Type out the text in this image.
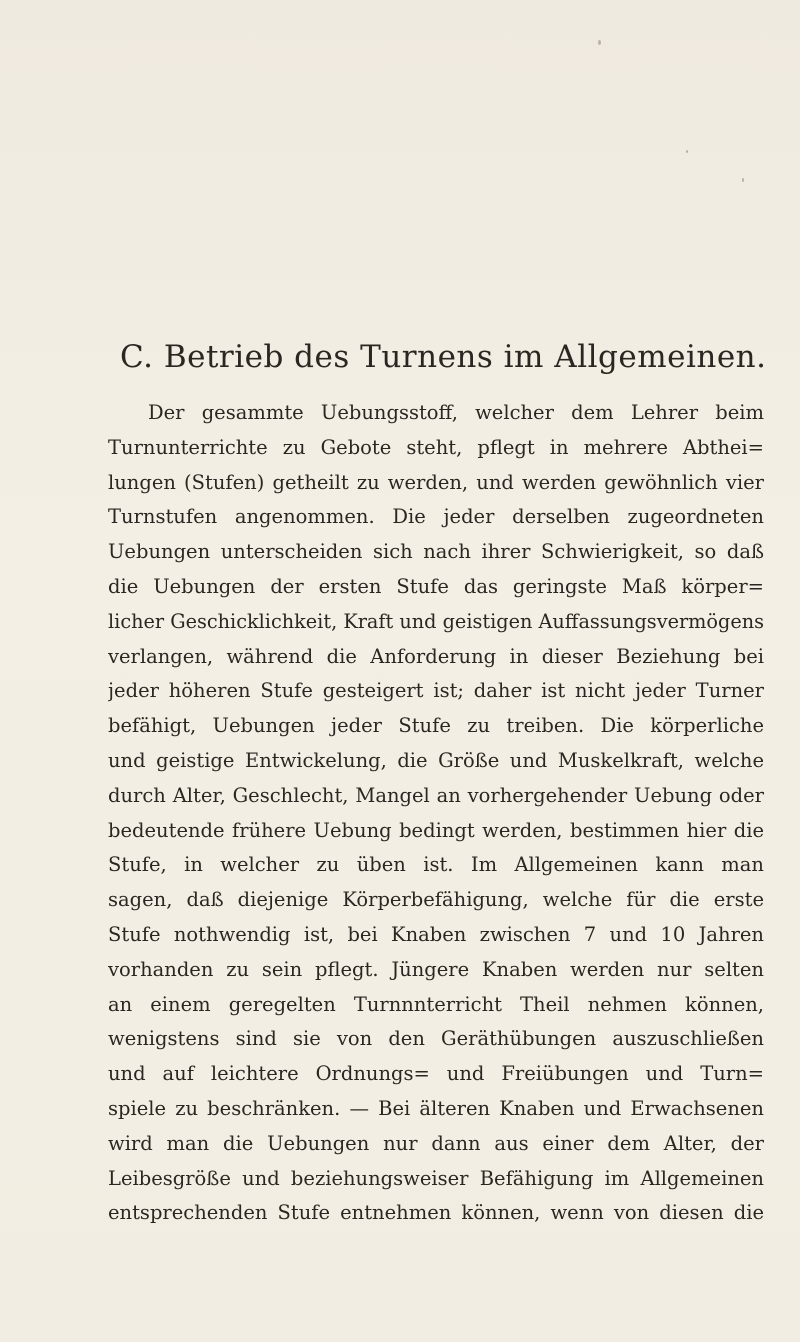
C. Betrieb des Turnens im Allgemeinen.
Der gesammte Uebungsstoff, welcher dem Lehrer beim
Turnunterrichte zu Gebote steht, pflegt in mehrere Abthei=
lungen (Stufen) getheilt zu werden, und werden gewöhnlich vier
Turnstufen angenommen. Die jeder derselben zugeordneten
Uebungen unterscheiden sich nach ihrer Schwierigkeit, so daß
die Uebungen der ersten Stufe das geringste Maß körper=
licher Geschicklichkeit, Kraft und geistigen Auffassungsvermögens
verlangen, während die Anforderung in dieser Beziehung bei
jeder höheren Stufe gesteigert ist; daher ist nicht jeder Turner
befähigt, Uebungen jeder Stufe zu treiben. Die körperliche
und geistige Entwickelung, die Größe und Muskelkraft, welche
durch Alter, Geschlecht, Mangel an vorhergehender Uebung oder
bedeutende frühere Uebung bedingt werden, bestimmen hier die
Stufe, in welcher zu üben ist. Im Allgemeinen kann man
sagen, daß diejenige Körperbefähigung, welche für die erste
Stufe nothwendig ist, bei Knaben zwischen 7 und 10 Jahren
vorhanden zu sein pflegt. Jüngere Knaben werden nur selten
an einem geregelten Turnnnterricht Theil nehmen können,
wenigstens sind sie von den Geräthübungen auszuschließen
und auf leichtere Ordnungs= und Freiübungen und Turn=
spiele zu beschränken. — Bei älteren Knaben und Erwachsenen
wird man die Uebungen nur dann aus einer dem Alter, der
Leibesgröße und beziehungsweiser Befähigung im Allgemeinen
entsprechenden Stufe entnehmen können, wenn von diesen die
